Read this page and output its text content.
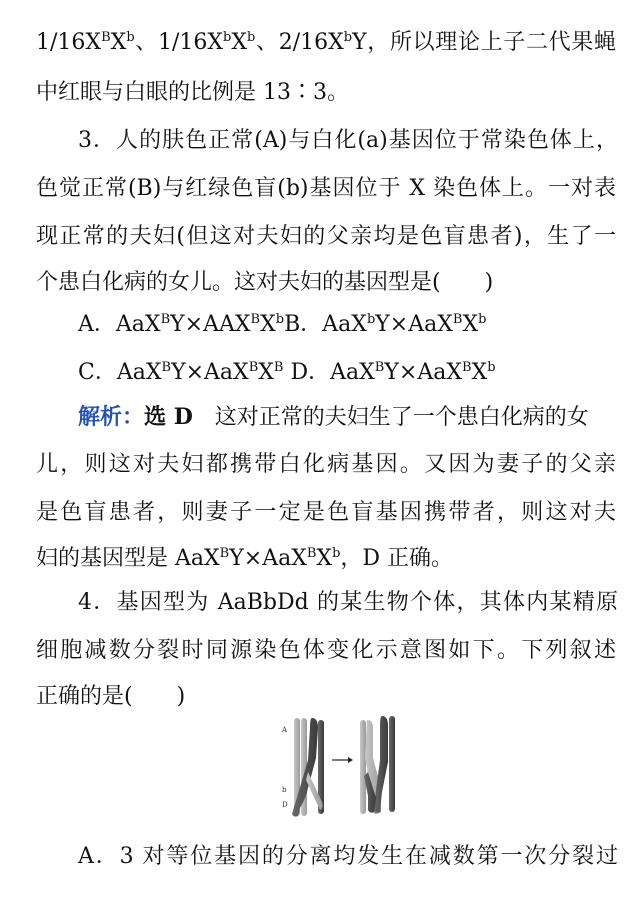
$1/16X^BX^b$、$1/16X^bX^b$、$2/16X^bY$，所以理论上子二代果蝇
中红眼与白眼的比例是 13∶3。
3．人的肤色正常(A)与白化(a)基因位于常染色体上，
色觉正常(B)与红绿色盲(b)基因位于 X 染色体上。一对表
现正常的夫妇(但这对夫妇的父亲均是色盲患者)，生了一
个患白化病的女儿。这对夫妇的基因型是(　　)
A．$AaX^BY\times AAX^BX^bB$．$AaX^bY\times AaX^BX^b$
C．$AaX^BY\times AaX^BX^B$ D．$AaX^BY\times AaX^BX^b$
解析：选 D　这对正常的夫妇生了一个患白化病的女
儿，则这对夫妇都携带白化病基因。又因为妻子的父亲
是色盲患者，则妻子一定是色盲基因携带者，则这对夫
妇的基因型是 $AaX^BY\times AaX^BX^b$，D 正确。
4．基因型为 AaBbDd 的某生物个体，其体内某精原
细胞减数分裂时同源染色体变化示意图如下。下列叙述
正确的是(　　)
A
b
D
A．3 对等位基因的分离均发生在减数第一次分裂过
